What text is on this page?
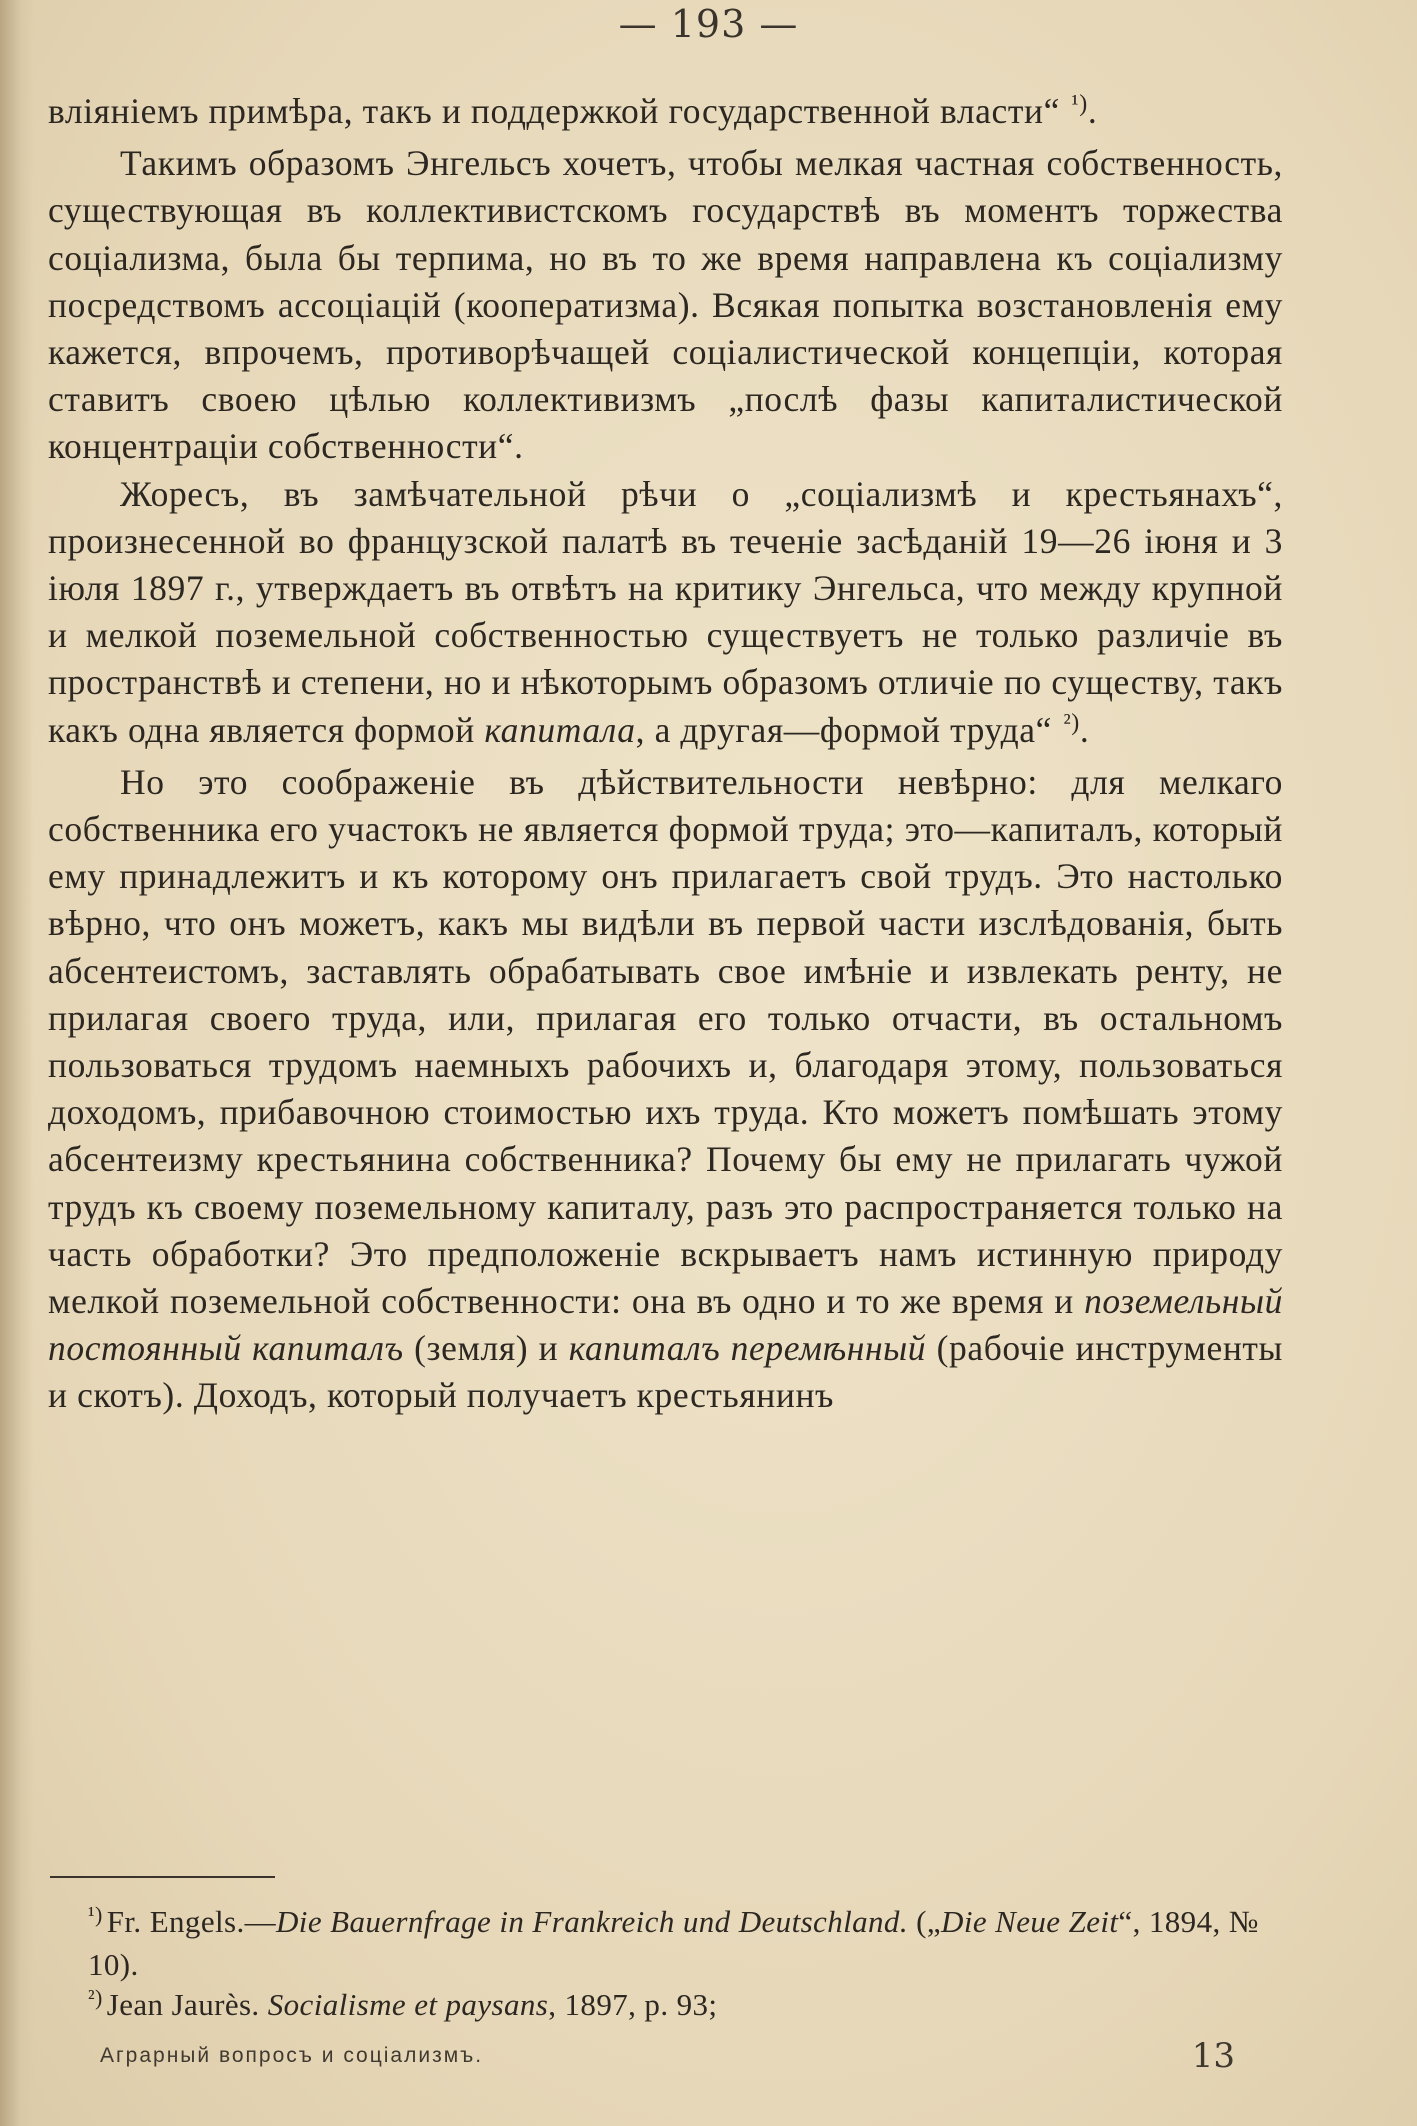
— 193 —

вліяніемъ примѣра, такъ и поддержкой государственной власти“ $^{^1)}$.

Такимъ образомъ Энгельсъ хочетъ, чтобы мелкая частная собственность, существующая въ коллективистскомъ государствѣ въ моментъ торжества соціализма, была бы терпима, но въ то же время направлена къ соціализму посредствомъ ассоціацій (кооператизма). Всякая попытка возстановленія ему кажется, впрочемъ, противорѣчащей соціалистической концепціи, которая ставитъ своею цѣлью коллективизмъ „послѣ фазы капиталистической концентраціи собственности“.

Жоресъ, въ замѣчательной рѣчи о „соціализмѣ и крестьянахъ“, произнесенной во французской палатѣ въ теченіе засѣданій 19—26 іюня и 3 іюля 1897 г., утверждаетъ въ отвѣтъ на критику Энгельса, что между крупной и мелкой поземельной собственностью существуетъ не только различіе въ пространствѣ и степени, но и нѣкоторымъ образомъ отличіе по существу, такъ какъ одна является формой капитала, а другая—формой труда“ $^{^2)}$.

Но это соображеніе въ дѣйствительности невѣрно: для мелкаго собственника его участокъ не является формой труда; это—капиталъ, который ему принадлежитъ и къ которому онъ прилагаетъ свой трудъ. Это настолько вѣрно, что онъ можетъ, какъ мы видѣли въ первой части изслѣдованія, быть абсентеистомъ, заставлять обрабатывать свое имѣніе и извлекать ренту, не прилагая своего труда, или, прилагая его только отчасти, въ остальномъ пользоваться трудомъ наемныхъ рабочихъ и, благодаря этому, пользоваться доходомъ, прибавочною стоимостью ихъ труда. Кто можетъ помѣшать этому абсентеизму крестьянина собственника? Почему бы ему не прилагать чужой трудъ къ своему поземельному капиталу, разъ это распространяется только на часть обработки? Это предположеніе вскрываетъ намъ истинную природу мелкой поземельной собственности: она въ одно и то же время и поземельный постоянный капиталъ (земля) и капиталъ перемѣнный (рабочіе инструменты и скотъ). Доходъ, который получаетъ крестьянинъ

$^{^1)}$ Fr. Engels.—Die Bauernfrage in Frankreich und Deutschland. („Die Neue Zeit“, 1894, № 10).

$^{^2)}$ Jean Jaurès. Socialisme et paysans, 1897, p. 93;

Аграрный вопросъ и соціализмъ.	13
